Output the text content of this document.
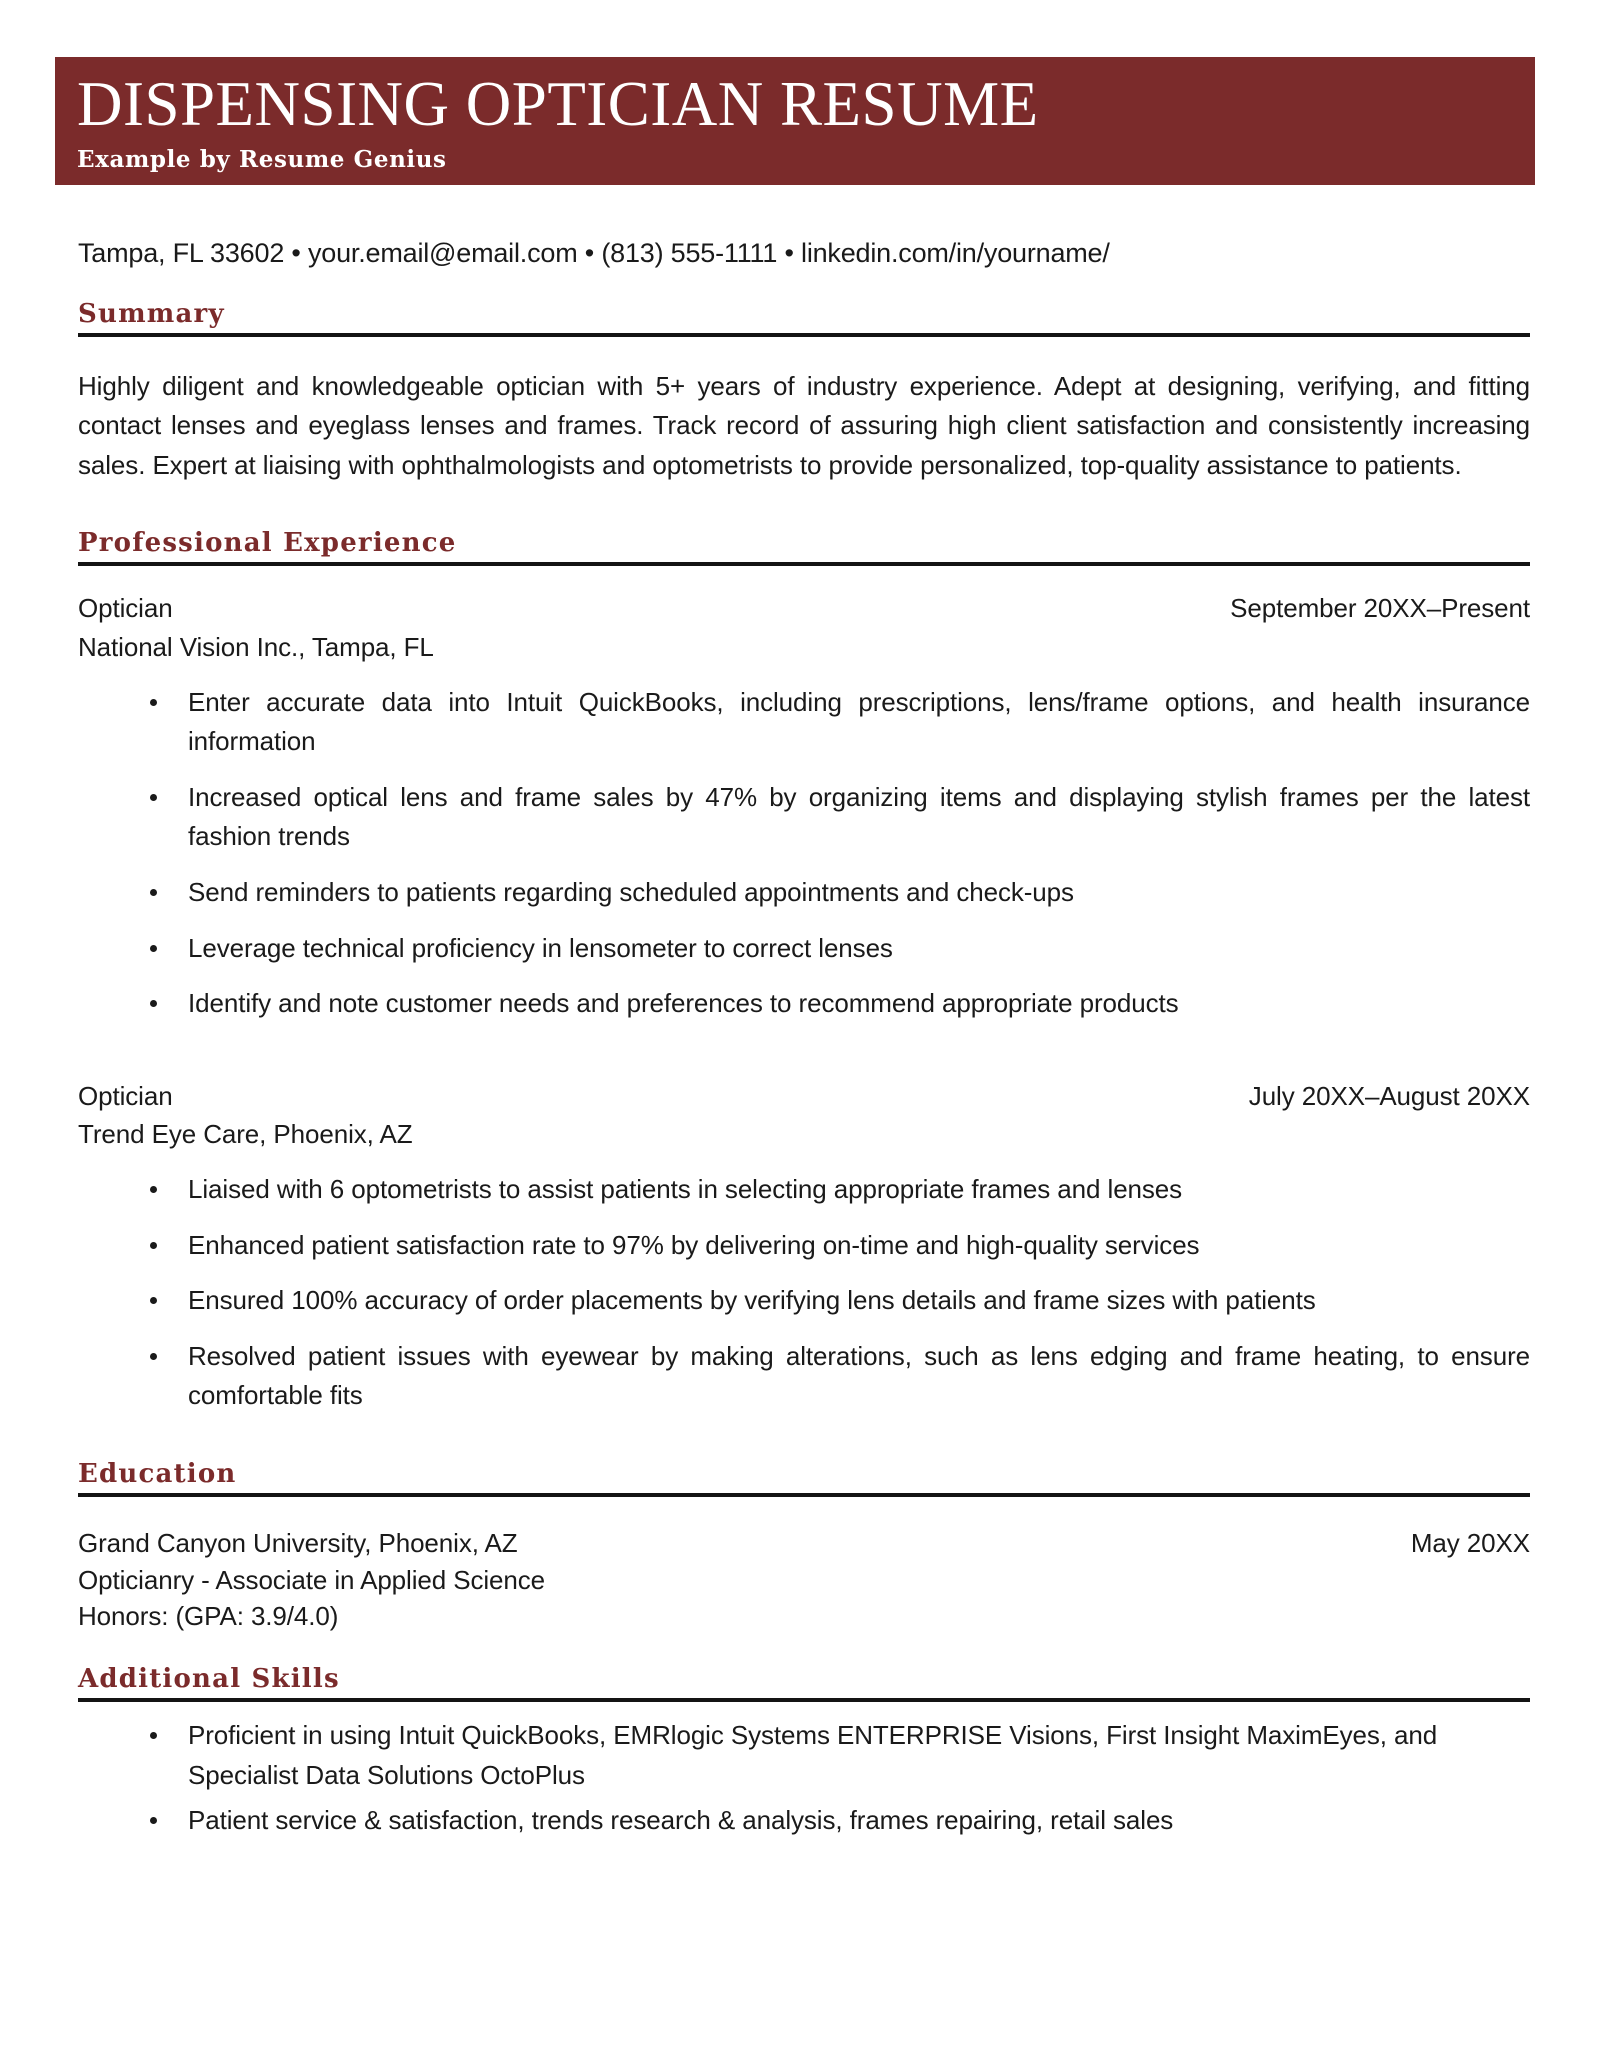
DISPENSING OPTICIAN RESUME
Example by Resume Genius
Tampa, FL 33602 • your.email@email.com • (813) 555-1111 • linkedin.com/in/yourname/
Summary

Highly diligent and knowledgeable optician with 5+ years of industry experience. Adept at designing, verifying, and fitting contact lenses and eyeglass lenses and frames. Track record of assuring high client satisfaction and consistently increasing sales. Expert at liaising with ophthalmologists and optometrists to provide personalized, top-quality assistance to patients.

Professional Experience
Optician	September 20XX–Present
National Vision Inc., Tampa, FL
Enter accurate data into Intuit QuickBooks, including prescriptions, lens/frame options, and health insurance information
Increased optical lens and frame sales by 47% by organizing items and displaying stylish frames per the latest fashion trends
Send reminders to patients regarding scheduled appointments and check-ups
Leverage technical proficiency in lensometer to correct lenses
Identify and note customer needs and preferences to recommend appropriate products
Optician	July 20XX–August 20XX
Trend Eye Care, Phoenix, AZ
Liaised with 6 optometrists to assist patients in selecting appropriate frames and lenses
Enhanced patient satisfaction rate to 97% by delivering on-time and high-quality services
Ensured 100% accuracy of order placements by verifying lens details and frame sizes with patients
Resolved patient issues with eyewear by making alterations, such as lens edging and frame heating, to ensure comfortable fits
Education
Grand Canyon University, Phoenix, AZ	May 20XX
Opticianry - Associate in Applied Science
Honors: (GPA: 3.9/4.0)
Additional Skills
Proficient in using Intuit QuickBooks, EMRlogic Systems ENTERPRISE Visions, First Insight MaximEyes, and Specialist Data Solutions OctoPlus
Patient service & satisfaction, trends research & analysis, frames repairing, retail sales
